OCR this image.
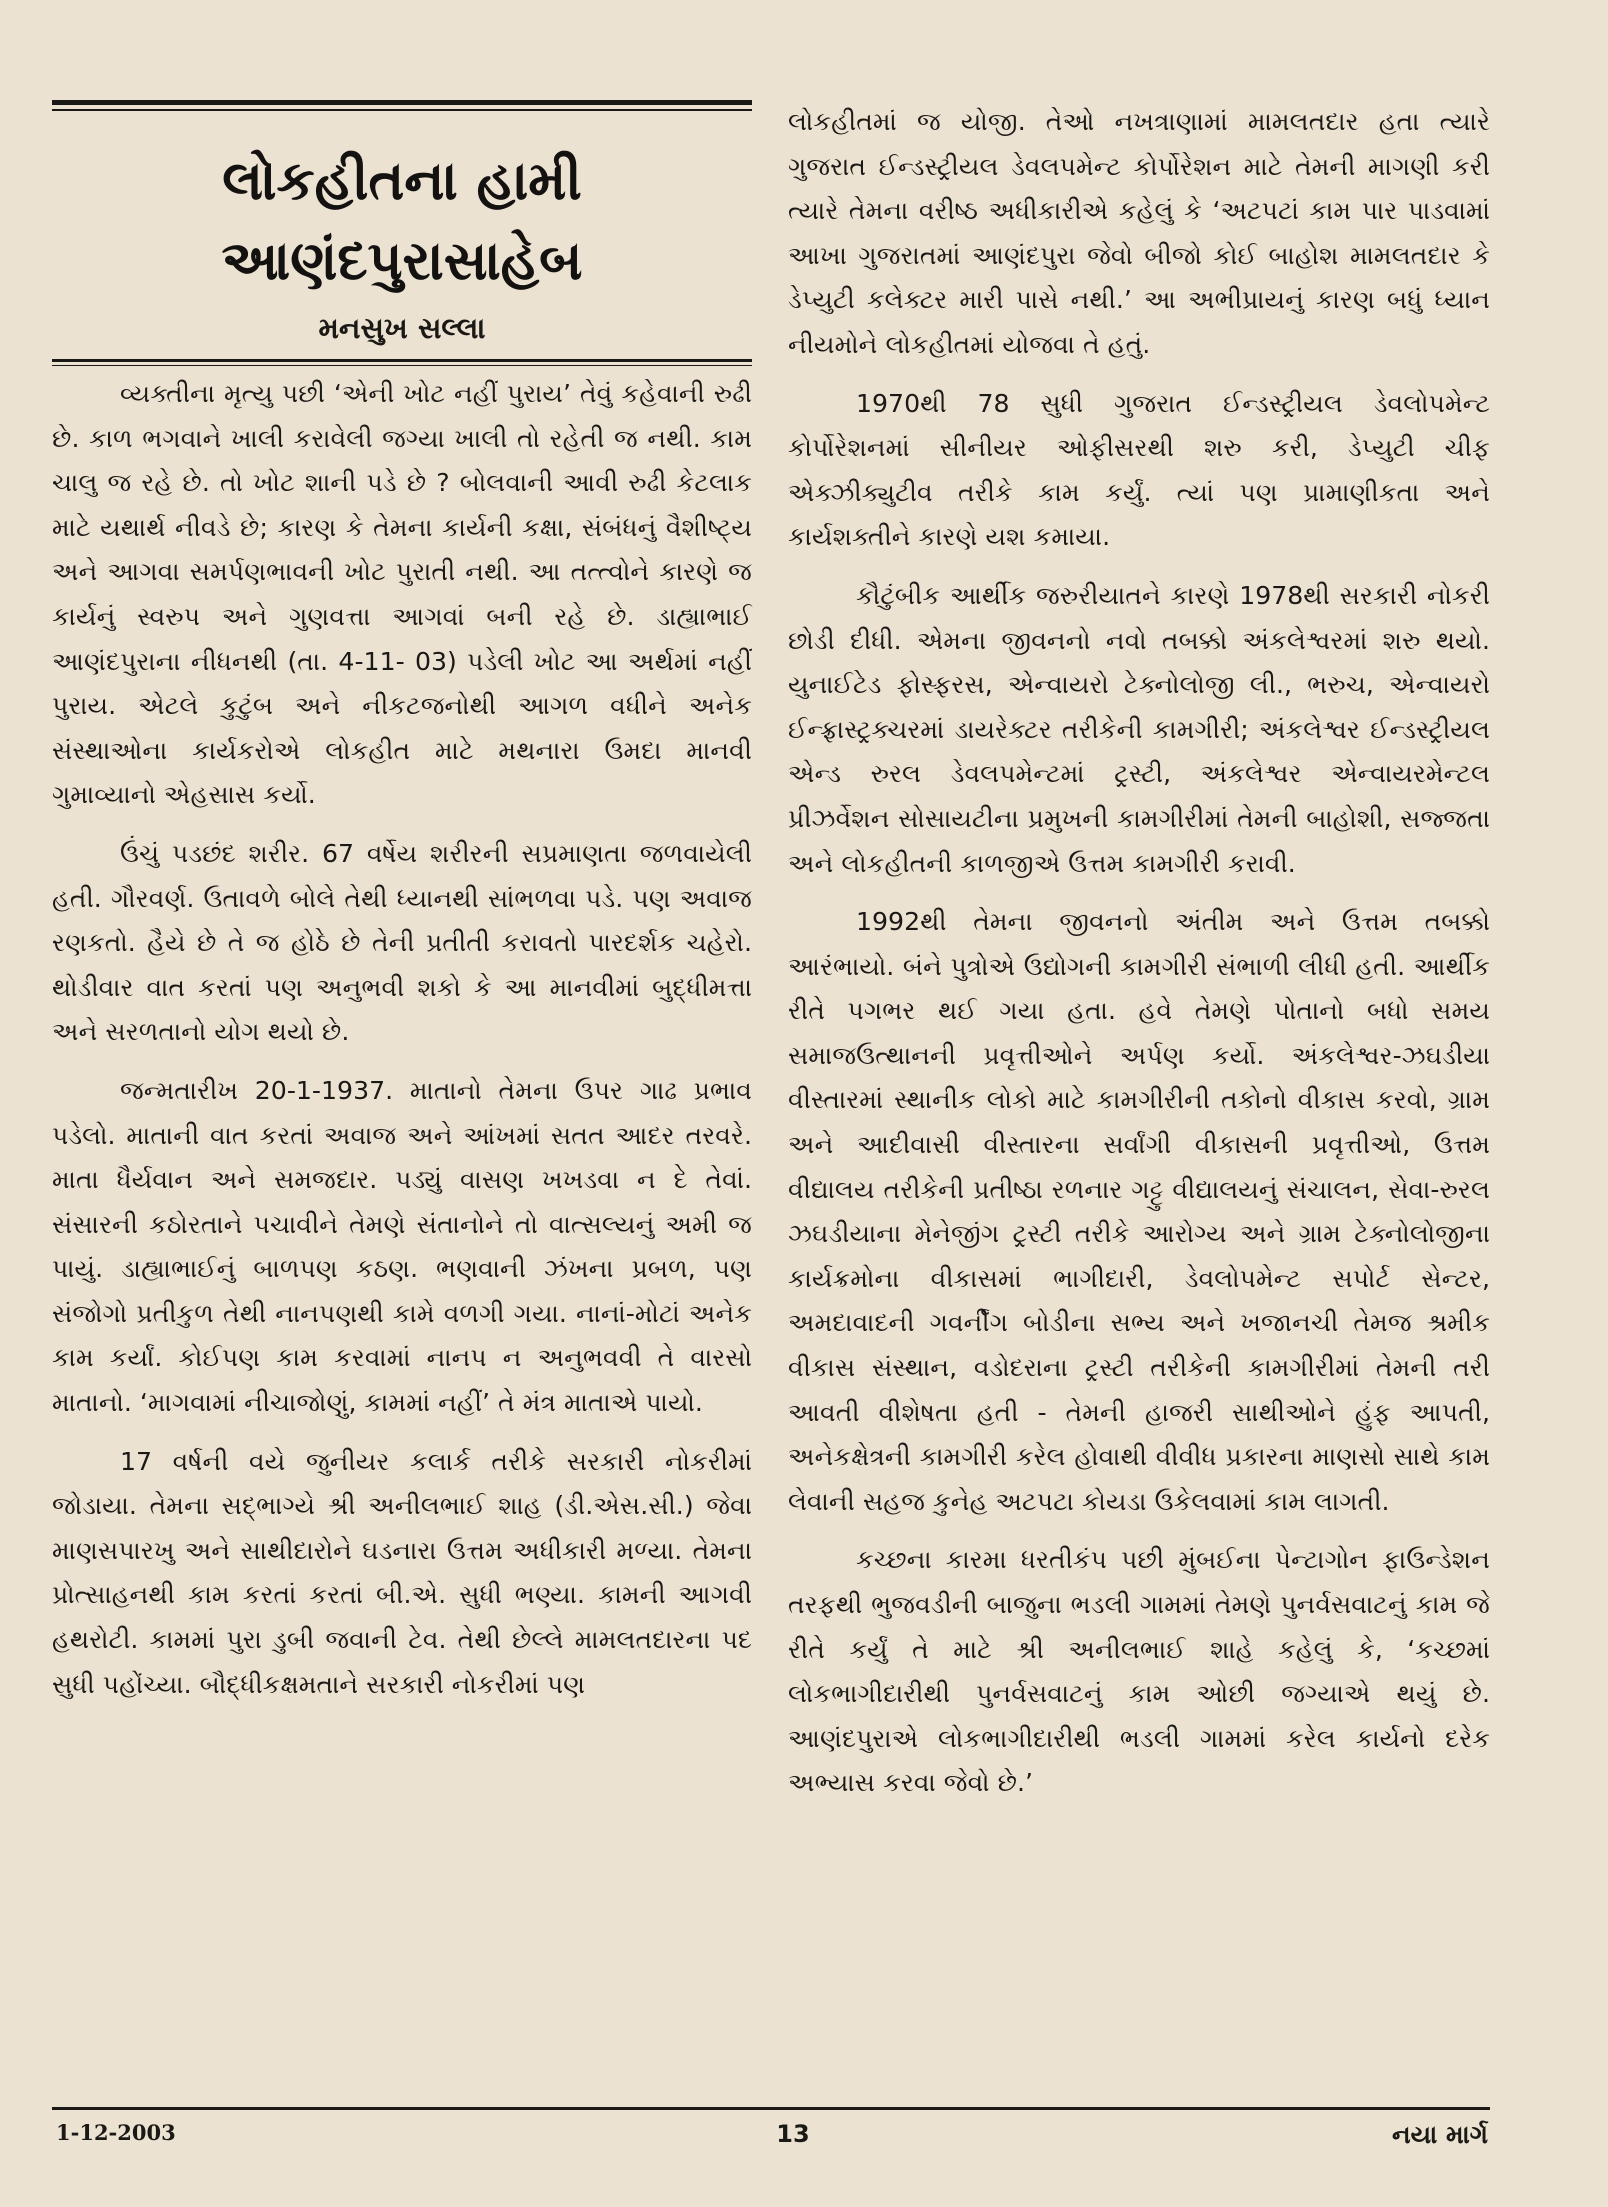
લોકહીતના હામી
આણંદપુરાસાહેબ
મનસુખ સલ્લા

વ્યક્તીના મૃત્યુ પછી ‘એની ખોટ નહીં પુરાય’ તેવું કહેવાની રુઢી છે. કાળ ભગવાને ખાલી કરાવેલી જગ્યા ખાલી તો રહેતી જ નથી. કામ ચાલુ જ રહે છે. તો ખોટ શાની પડે છે ? બોલવાની આવી રુઢી કેટલાક માટે યથાર્થ નીવડે છે; કારણ કે તેમના કાર્યની કક્ષા, સંબંધનું વૈશીષ્ટ્ય અને આગવા સમર્પણભાવની ખોટ પુરાતી નથી. આ તત્ત્વોને કારણે જ કાર્યનું સ્વરુપ અને ગુણવત્તા આગવાં બની રહે છે. ડાહ્યાભાઈ આણંદપુરાના નીધનથી (તા. 4-11- 03) પડેલી ખોટ આ અર્થમાં નહીં પુરાય. એટલે કુટુંબ અને નીકટજનોથી આગળ વધીને અનેક સંસ્થાઓના કાર્યકરોએ લોકહીત માટે મથનારા ઉમદા માનવી ગુમાવ્યાનો એહસાસ કર્યો.

ઉંચું પડછંદ શરીર. 67 વર્ષેય શરીરની સપ્રમાણતા જળવાયેલી હતી. ગૌરવર્ણ. ઉતાવળે બોલે તેથી ધ્યાનથી સાંભળવા પડે. પણ અવાજ રણકતો. હૈયે છે તે જ હોઠે છે તેની પ્રતીતી કરાવતો પારદર્શક ચહેરો. થોડીવાર વાત કરતાં પણ અનુભવી શકો કે આ માનવીમાં બુદ્ધીમત્તા અને સરળતાનો યોગ થયો છે.

જન્મતારીખ 20-1-1937. માતાનો તેમના ઉપર ગાઢ પ્રભાવ પડેલો. માતાની વાત કરતાં અવાજ અને આંખમાં સતત આદર તરવરે. માતા ધૈર્યવાન અને સમજદાર. પડ્યું વાસણ ખખડવા ન દે તેવાં. સંસારની કઠોરતાને પચાવીને તેમણે સંતાનોને તો વાત્સલ્યનું અમી જ પાયું. ડાહ્યાભાઈનું બાળપણ કઠણ. ભણવાની ઝંખના પ્રબળ, પણ સંજોગો પ્રતીકુળ તેથી નાનપણથી કામે વળગી ગયા. નાનાં-મોટાં અનેક કામ કર્યાં. કોઈપણ કામ કરવામાં નાનપ ન અનુભવવી તે વારસો માતાનો. ‘માગવામાં નીચાજોણું, કામમાં નહીં’ તે મંત્ર માતાએ પાયો.

17 વર્ષની વયે જુનીયર કલાર્ક તરીકે સરકારી નોકરીમાં જોડાયા. તેમના સદ્ભાગ્યે શ્રી અનીલભાઈ શાહ (ડી.એસ.સી.) જેવા માણસપારખુ અને સાથીદારોને ઘડનારા ઉત્તમ અધીકારી મળ્યા. તેમના પ્રોત્સાહનથી કામ કરતાં કરતાં બી.એ. સુધી ભણ્યા. કામની આગવી હથરોટી. કામમાં પુરા ડુબી જવાની ટેવ. તેથી છેલ્લે મામલતદારના પદ સુધી પહોંચ્યા. બૌદ્ધીકક્ષમતાને સરકારી નોકરીમાં પણ

લોકહીતમાં જ યોજી. તેઓ નખત્રાણામાં મામલતદાર હતા ત્યારે ગુજરાત ઈન્ડસ્ટ્રીયલ ડેવલપમેન્ટ કોર્પોરેશન માટે તેમની માગણી કરી ત્યારે તેમના વરીષ્ઠ અધીકારીએ કહેલું કે ‘અટપટાં કામ પાર પાડવામાં આખા ગુજરાતમાં આણંદપુરા જેવો બીજો કોઈ બાહોશ મામલતદાર કે ડેપ્યુટી કલેક્ટર મારી પાસે નથી.’ આ અભીપ્રાયનું કારણ બધું ધ્યાન નીયમોને લોકહીતમાં યોજવા તે હતું.

1970થી 78 સુધી ગુજરાત ઈન્ડસ્ટ્રીયલ ડેવલોપમેન્ટ કોર્પોરેશનમાં સીનીયર ઓફીસરથી શરુ કરી, ડેપ્યુટી ચીફ એક્ઝીક્યુટીવ તરીકે કામ કર્યું. ત્યાં પણ પ્રામાણીકતા અને કાર્યશક્તીને કારણે યશ કમાયા.

કૌટુંબીક આર્થીક જરુરીયાતને કારણે 1978થી સરકારી નોકરી છોડી દીધી. એમના જીવનનો નવો તબક્કો અંકલેશ્વરમાં શરુ થયો. યુનાઈટેડ ફોસ્ફરસ, એન્વાયરો ટેક્નોલોજી લી., ભરુચ, એન્વાયરો ઈન્ફ્રાસ્ટ્રક્ચરમાં ડાયરેક્ટર તરીકેની કામગીરી; અંકલેશ્વર ઈન્ડસ્ટ્રીયલ એન્ડ રુરલ ડેવલપમેન્ટમાં ટ્રસ્ટી, અંકલેશ્વર એન્વાયરમેન્ટલ પ્રીઝર્વેશન સોસાયટીના પ્રમુખની કામગીરીમાં તેમની બાહોશી, સજ્જતા અને લોકહીતની કાળજીએ ઉત્તમ કામગીરી કરાવી.

1992થી તેમના જીવનનો અંતીમ અને ઉત્તમ તબક્કો આરંભાયો. બંને પુત્રોએ ઉદ્યોગની કામગીરી સંભાળી લીધી હતી. આર્થીક રીતે પગભર થઈ ગયા હતા. હવે તેમણે પોતાનો બધો સમય સમાજઉત્થાનની પ્રવૃત્તીઓને અર્પણ કર્યો. અંકલેશ્વર-ઝઘડીયા વીસ્તારમાં સ્થાનીક લોકો માટે કામગીરીની તકોનો વીકાસ કરવો, ગ્રામ અને આદીવાસી વીસ્તારના સર્વાંગી વીકાસની પ્રવૃત્તીઓ, ઉત્તમ વીદ્યાલય તરીકેની પ્રતીષ્ઠા રળનાર ગટ્ટુ વીદ્યાલયનું સંચાલન, સેવા-રુરલ ઝઘડીયાના મેનેજીંગ ટ્રસ્ટી તરીકે આરોગ્ય અને ગ્રામ ટેક્નોલોજીના કાર્યક્રમોના વીકાસમાં ભાગીદારી, ડેવલોપમેન્ટ સપોર્ટ સેન્ટર, અમદાવાદની ગવર્નીંગ બોડીના સભ્ય અને ખજાનચી તેમજ શ્રમીક વીકાસ સંસ્થાન, વડોદરાના ટ્રસ્ટી તરીકેની કામગીરીમાં તેમની તરી આવતી વીશેષતા હતી - તેમની હાજરી સાથીઓને હુંફ આપતી, અનેકક્ષેત્રની કામગીરી કરેલ હોવાથી વીવીધ પ્રકારના માણસો સાથે કામ લેવાની સહજ કુનેહ અટપટા કોયડા ઉકેલવામાં કામ લાગતી.

કચ્છના કારમા ધરતીકંપ પછી મુંબઈના પેન્ટાગોન ફાઉન્ડેશન તરફથી ભુજવડીની બાજુના ભડલી ગામમાં તેમણે પુનર્વસવાટનું કામ જે રીતે કર્યું તે માટે શ્રી અનીલભાઈ શાહે કહેલું કે, ‘કચ્છમાં લોકભાગીદારીથી પુનર્વસવાટનું કામ ઓછી જગ્યાએ થયું છે. આણંદપુરાએ લોકભાગીદારીથી ભડલી ગામમાં કરેલ કાર્યનો દરેક અભ્યાસ કરવા જેવો છે.’

1-12-2003	13	નયા માર્ગ
